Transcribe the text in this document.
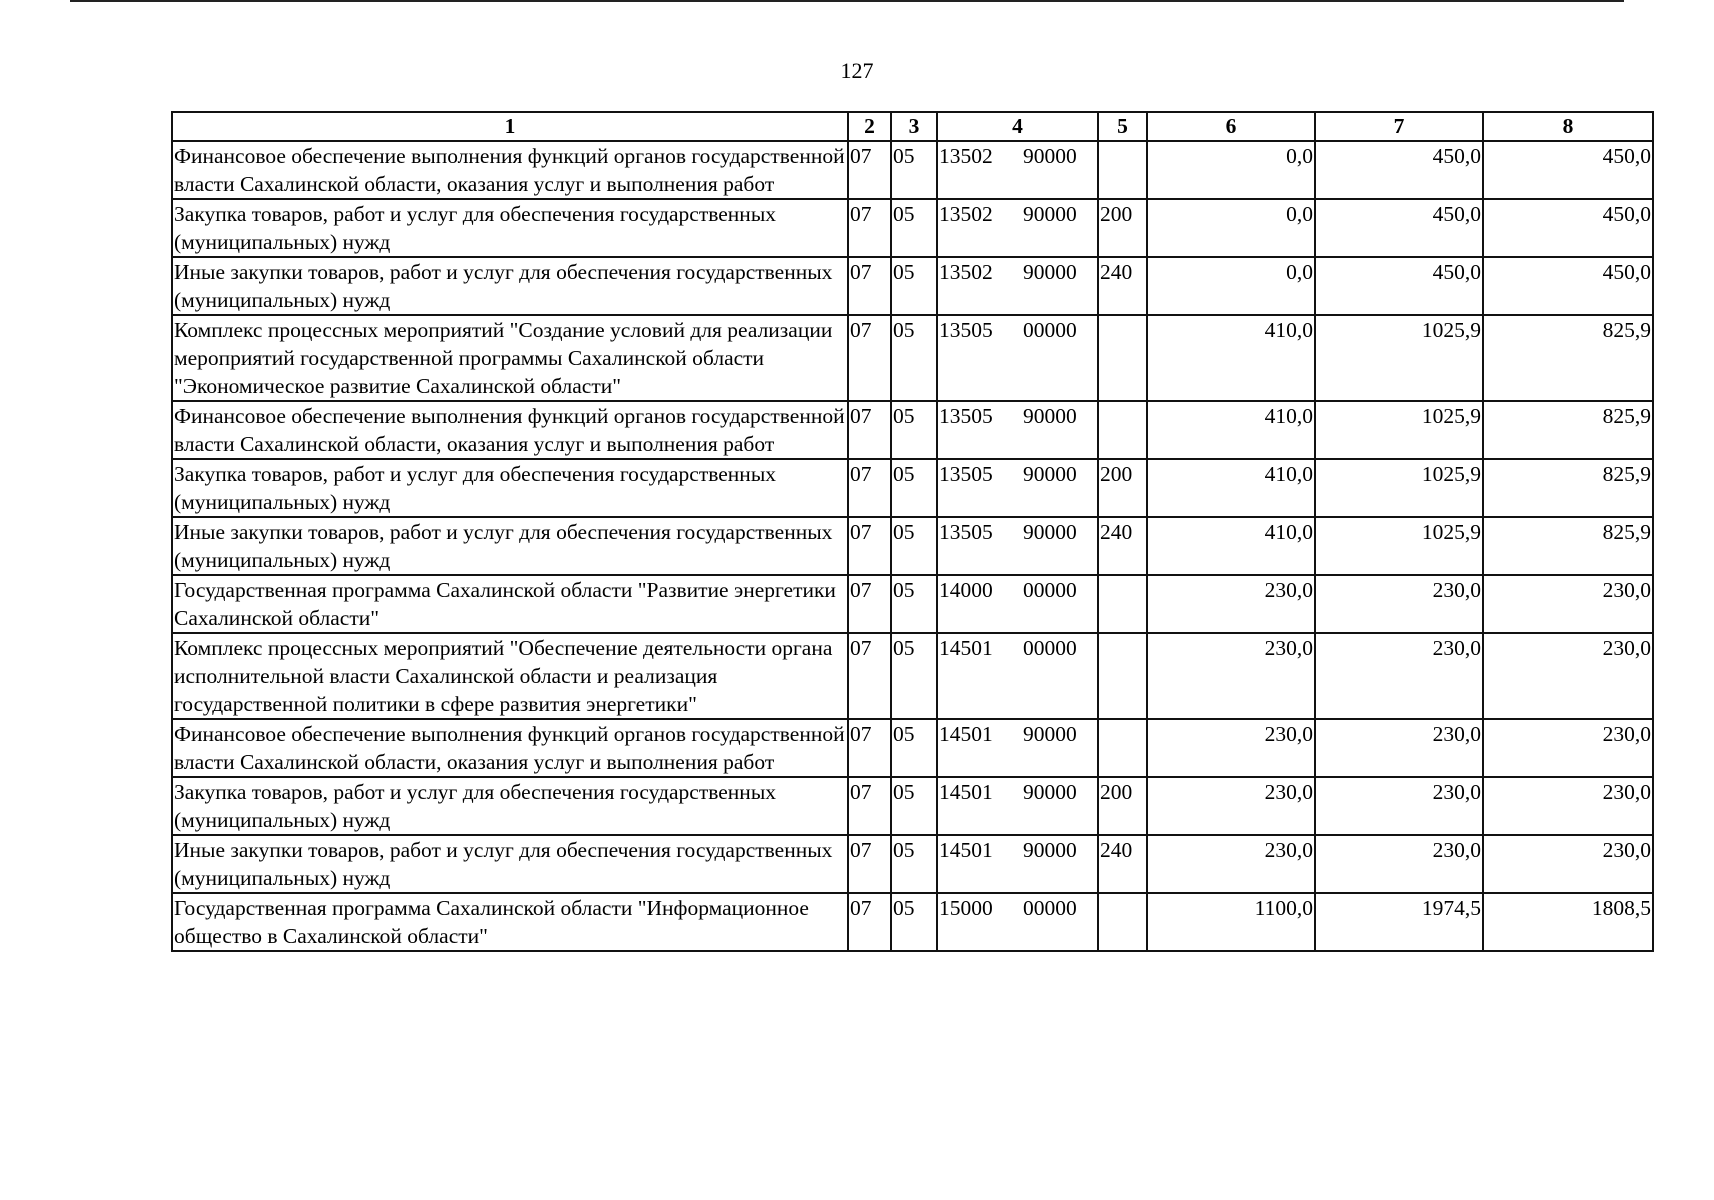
127
1	2	3	4	5	6	7	8
Финансовое обеспечение выполнения функций органов государственной власти Сахалинской области, оказания услуг и выполнения работ	07	05	13502 90000		0,0	450,0	450,0
Закупка товаров, работ и услуг для обеспечения государственных (муниципальных) нужд	07	05	13502 90000	200	0,0	450,0	450,0
Иные закупки товаров, работ и услуг для обеспечения государственных (муниципальных) нужд	07	05	13502 90000	240	0,0	450,0	450,0
Комплекс процессных мероприятий "Создание условий для реализации мероприятий государственной программы Сахалинской области "Экономическое развитие Сахалинской области"	07	05	13505 00000		410,0	1025,9	825,9
Финансовое обеспечение выполнения функций органов государственной власти Сахалинской области, оказания услуг и выполнения работ	07	05	13505 90000		410,0	1025,9	825,9
Закупка товаров, работ и услуг для обеспечения государственных (муниципальных) нужд	07	05	13505 90000	200	410,0	1025,9	825,9
Иные закупки товаров, работ и услуг для обеспечения государственных (муниципальных) нужд	07	05	13505 90000	240	410,0	1025,9	825,9
Государственная программа Сахалинской области "Развитие энергетики Сахалинской области"	07	05	14000 00000		230,0	230,0	230,0
Комплекс процессных мероприятий "Обеспечение деятельности органа исполнительной власти Сахалинской области и реализация государственной политики в сфере развития энергетики"	07	05	14501 00000		230,0	230,0	230,0
Финансовое обеспечение выполнения функций органов государственной власти Сахалинской области, оказания услуг и выполнения работ	07	05	14501 90000		230,0	230,0	230,0
Закупка товаров, работ и услуг для обеспечения государственных (муниципальных) нужд	07	05	14501 90000	200	230,0	230,0	230,0
Иные закупки товаров, работ и услуг для обеспечения государственных (муниципальных) нужд	07	05	14501 90000	240	230,0	230,0	230,0
Государственная программа Сахалинской области "Информационное общество в Сахалинской области"	07	05	15000 00000		1100,0	1974,5	1808,5
